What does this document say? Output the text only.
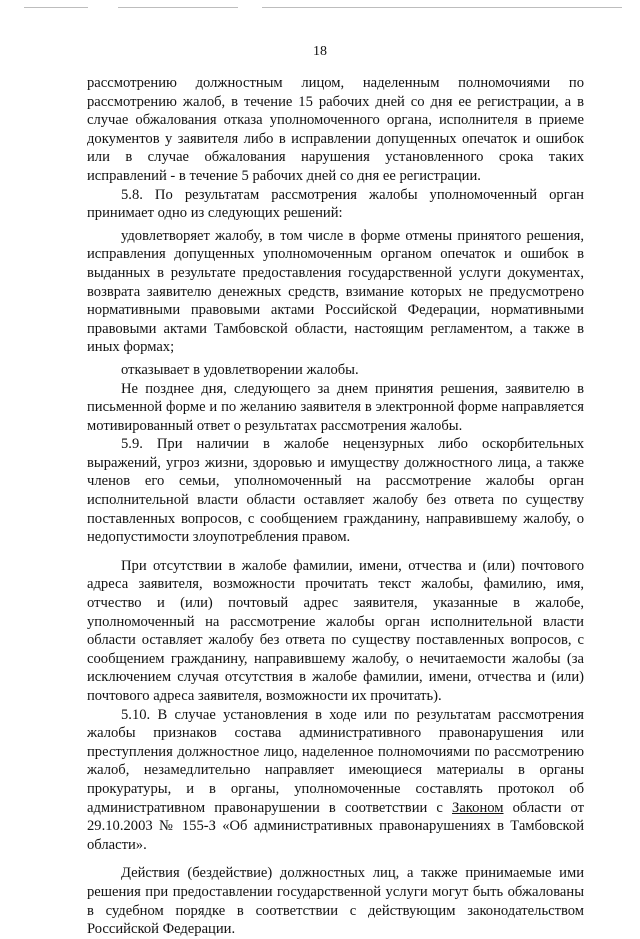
18

рассмотрению должностным лицом, наделенным полномочиями по рассмотрению жалоб, в течение 15 рабочих дней со дня ее регистрации, а в случае обжалования отказа уполномоченного органа, исполнителя в приеме документов у заявителя либо в исправлении допущенных опечаток и ошибок или в случае обжалования нарушения установленного срока таких исправлений - в течение 5 рабочих дней со дня ее регистрации.

5.8. По результатам рассмотрения жалобы уполномоченный орган принимает одно из следующих решений:

удовлетворяет жалобу, в том числе в форме отмены принятого решения, исправления допущенных уполномоченным органом опечаток и ошибок в выданных в результате предоставления государственной услуги документах, возврата заявителю денежных средств, взимание которых не предусмотрено нормативными правовыми актами Российской Федерации, нормативными правовыми актами Тамбовской области, настоящим регламентом, а также в иных формах;

отказывает в удовлетворении жалобы.

Не позднее дня, следующего за днем принятия решения, заявителю в письменной форме и по желанию заявителя в электронной форме направляется мотивированный ответ о результатах рассмотрения жалобы.

5.9. При наличии в жалобе нецензурных либо оскорбительных выражений, угроз жизни, здоровью и имуществу должностного лица, а также членов его семьи, уполномоченный на рассмотрение жалобы орган исполнительной власти области оставляет жалобу без ответа по существу поставленных вопросов, с сообщением гражданину, направившему жалобу, о недопустимости злоупотребления правом.

При отсутствии в жалобе фамилии, имени, отчества и (или) почтового адреса заявителя, возможности прочитать текст жалобы, фамилию, имя, отчество и (или) почтовый адрес заявителя, указанные в жалобе, уполномоченный на рассмотрение жалобы орган исполнительной власти области оставляет жалобу без ответа по существу поставленных вопросов, с сообщением гражданину, направившему жалобу, о нечитаемости жалобы (за исключением случая отсутствия в жалобе фамилии, имени, отчества и (или) почтового адреса заявителя, возможности их прочитать).

5.10. В случае установления в ходе или по результатам рассмотрения жалобы признаков состава административного правонарушения или преступления должностное лицо, наделенное полномочиями по рассмотрению жалоб, незамедлительно направляет имеющиеся материалы в органы прокуратуры, и в органы, уполномоченные составлять протокол об административном правонарушении в соответствии с Законом области от 29.10.2003 № 155-З «Об административных правонарушениях в Тамбовской области».

Действия (бездействие) должностных лиц, а также принимаемые ими решения при предоставлении государственной услуги могут быть обжалованы в судебном порядке в соответствии с действующим законодательством Российской Федерации.
